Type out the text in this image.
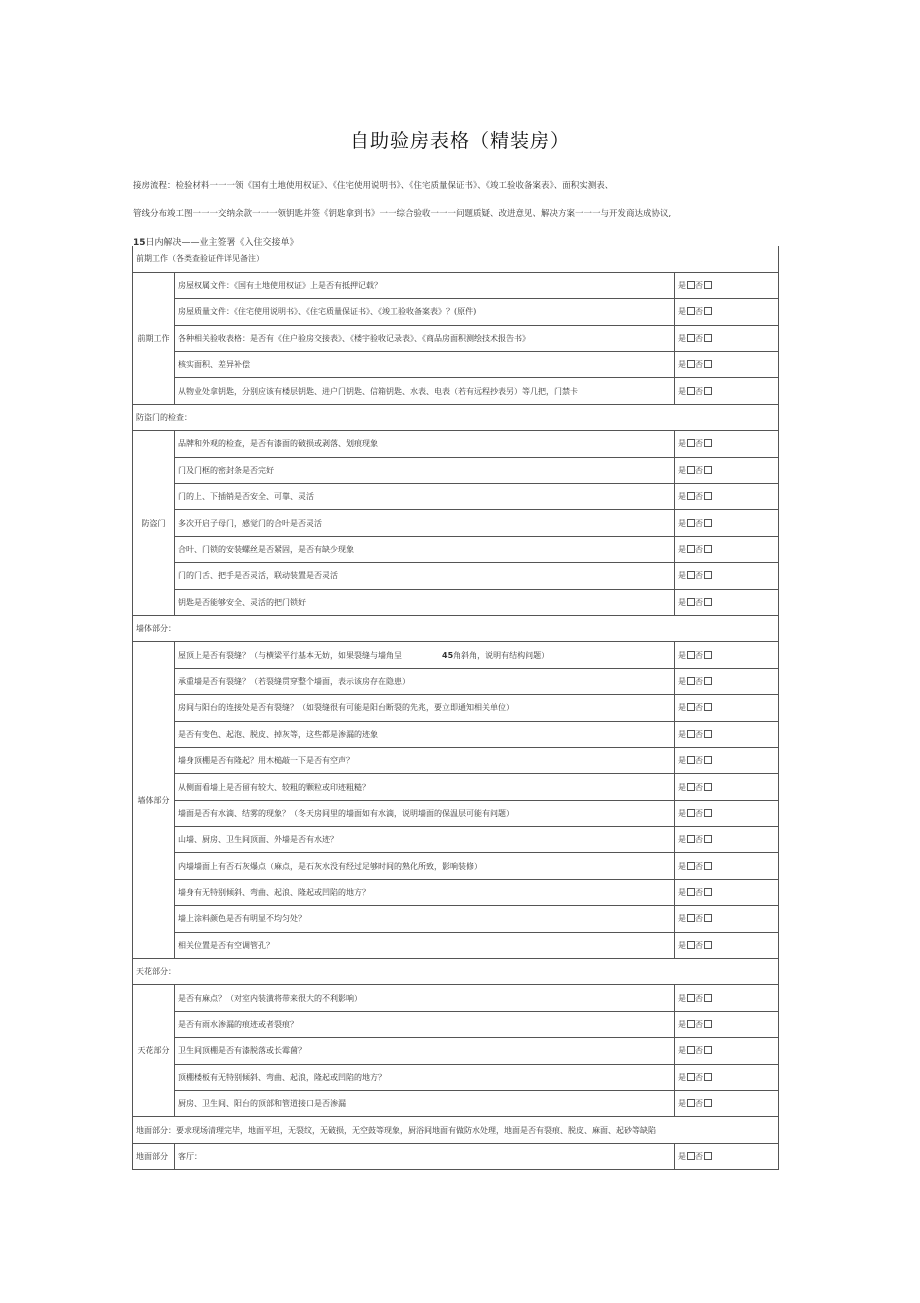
自助验房表格（精装房）
接房流程：检验材料一一一领《国有土地使用权证》、《住宅使用说明书》、《住宅质量保证书》、《竣工验收备案表》、面积实测表、
管线分布竣工图一一一交纳余款一一一领钥匙并签《钥匙拿到书》一一综合验收一一一问题质疑、改进意见、解决方案一一一与开发商达成协议,
15日内解决——业主签署《入住交接单》
前期工作（各类查验证件详见备注）		
前期工作	房屋权属文件：《国有土地使用权证》上是否有抵押记载？	是 否
	房屋质量文件：《住宅使用说明书》、《住宅质量保证书》、《竣工验收备案表》？(原件)	是 否
	各种相关验收表格：是否有《住户验房交接表》、《楼宇验收记录表》、《商品房面积测绘技术报告书》	是 否
	核实面积、差异补偿	是 否
	从物业处拿钥匙，分别应该有楼层钥匙、进户门钥匙、信箱钥匙、水表、电表（若有远程抄表另）等几把，门禁卡	是 否
防盗门的检查：		
防盗门	品牌和外观的检查，是否有漆面的破损或剥落、划痕现象	是 否
	门及门框的密封条是否完好	是 否
	门的上、下插销是否安全、可靠、灵活	是 否
	多次开启子母门，感觉门的合叶是否灵活	是 否
	合叶、门锁的安装螺丝是否紧固，是否有缺少现象	是 否
	门的门舌、把手是否灵活，联动装置是否灵活	是 否
	钥匙是否能够安全、灵活的把门锁好	是 否
墙体部分：		
墙体部分	屋顶上是否有裂缝？（与横梁平行基本无妨，如果裂缝与墙角呈 45角斜角，说明有结构问题）	是 否
	承重墙是否有裂缝？（若裂缝贯穿整个墙面，表示该房存在隐患）	是 否
	房间与阳台的连接处是否有裂缝？（如裂缝很有可能是阳台断裂的先兆，要立即通知相关单位）	是 否
	是否有变色、起泡、脱皮、掉灰等，这些都是渗漏的迹象	是 否
	墙身顶棚是否有隆起？用木槌敲一下是否有空声？	是 否
	从侧面看墙上是否留有较大、较粗的颗粒或印迹粗糙？	是 否
	墙面是否有水滴、结雾的现象？（冬天房间里的墙面如有水滴，说明墙面的保温层可能有问题）	是 否
	山墙、厨房、卫生间顶面、外墙是否有水迹？	是 否
	内墙墙面上有否石灰爆点（麻点，是石灰水没有经过足够时间的熟化所致，影响装修）	是 否
	墙身有无特别倾斜、弯曲、起浪、隆起或凹陷的地方？	是 否
	墙上涂料颜色是否有明显不均匀处？	是 否
	相关位置是否有空调管孔？	是 否
天花部分：		
天花部分	是否有麻点？（对室内装潢将带来很大的不利影响）	是 否
	是否有雨水渗漏的痕迹或者裂痕？	是 否
	卫生间顶棚是否有漆脱落或长霉菌？	是 否
	顶棚楼板有无特别倾斜、弯曲、起浪，隆起或凹陷的地方？	是 否
	厨房、卫生间、阳台的顶部和管道接口是否渗漏	是 否
地面部分：要求现场清理完毕，地面平坦，无裂纹，无破损，无空鼓等现象，厨浴间地面有做防水处理，地面是否有裂痕、脱皮、麻面、起砂等缺陷		
地面部分	客厅：	是 否
